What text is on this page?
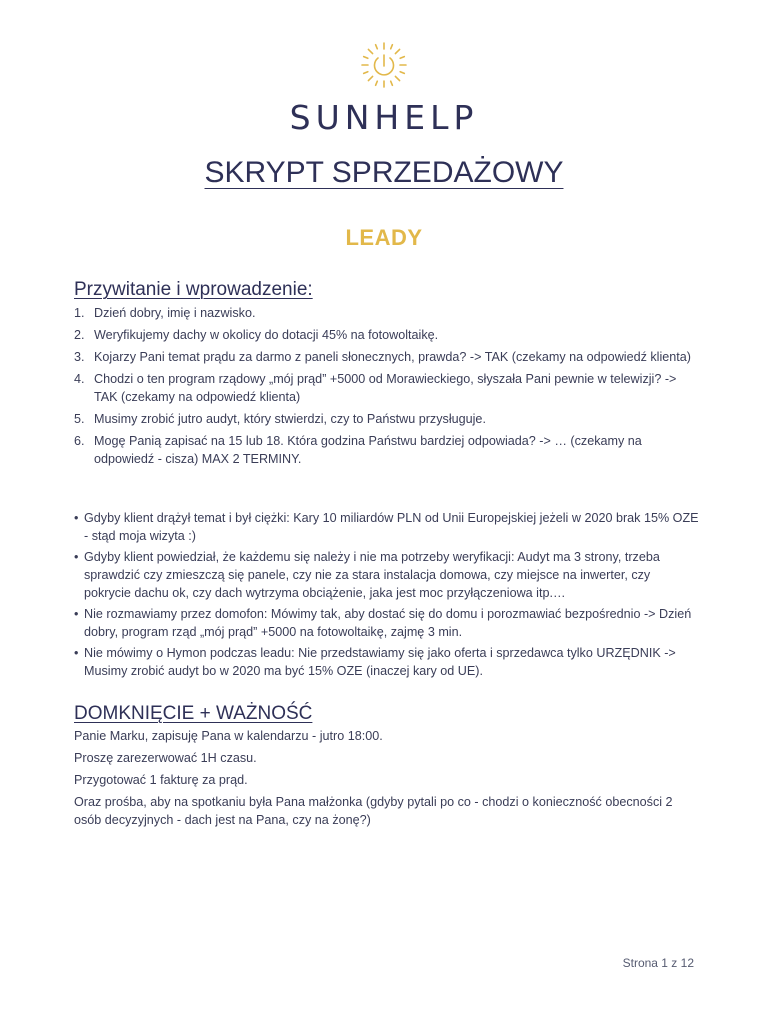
SUNHELP
SKRYPT SPRZEDAŻOWY
LEADY
Przywitanie i wprowadzenie:
1. Dzień dobry, imię i nazwisko.
2. Weryfikujemy dachy w okolicy do dotacji 45% na fotowoltaikę.
3. Kojarzy Pani temat prądu za darmo z paneli słonecznych, prawda? -> TAK (czekamy na odpowiedź klienta)
4. Chodzi o ten program rządowy „mój prąd” +5000 od Morawieckiego, słyszała Pani pewnie w telewizji? -> TAK (czekamy na odpowiedź klienta)
5. Musimy zrobić jutro audyt, który stwierdzi, czy to Państwu przysługuje.
6. Mogę Panią zapisać na 15 lub 18. Która godzina Państwu bardziej odpowiada? -> … (czekamy na odpowiedź - cisza) MAX 2 TERMINY.
• Gdyby klient drążył temat i był ciężki: Kary 10 miliardów PLN od Unii Europejskiej jeżeli w 2020 brak 15% OZE - stąd moja wizyta :)
• Gdyby klient powiedział, że każdemu się należy i nie ma potrzeby weryfikacji: Audyt ma 3 strony, trzeba sprawdzić czy zmieszczą się panele, czy nie za stara instalacja domowa, czy miejsce na inwerter, czy pokrycie dachu ok, czy dach wytrzyma obciążenie, jaka jest moc przyłączeniowa itp.…
• Nie rozmawiamy przez domofon: Mówimy tak, aby dostać się do domu i porozmawiać bezpośrednio -> Dzień dobry, program rząd „mój prąd” +5000 na fotowoltaikę, zajmę 3 min.
• Nie mówimy o Hymon podczas leadu: Nie przedstawiamy się jako oferta i sprzedawca tylko URZĘDNIK -> Musimy zrobić audyt bo w 2020 ma być 15% OZE (inaczej kary od UE).
DOMKNIĘCIE + WAŻNOŚĆ

Panie Marku, zapisuję Pana w kalendarzu - jutro 18:00.

Proszę zarezerwować 1H czasu.

Przygotować 1 fakturę za prąd.

Oraz prośba, aby na spotkaniu była Pana małżonka (gdyby pytali po co - chodzi o konieczność obecności 2 osób decyzyjnych - dach jest na Pana, czy na żonę?)

Strona 1 z 12
